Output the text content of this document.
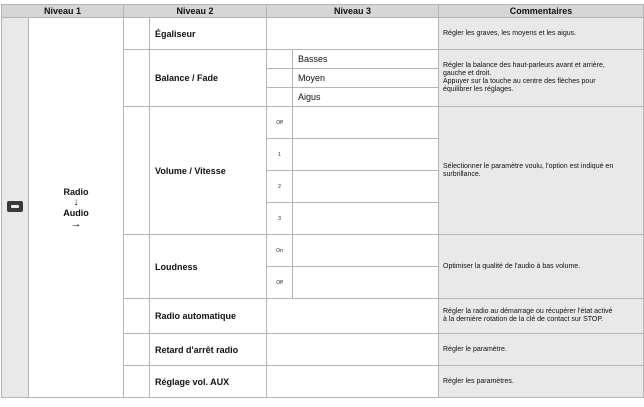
Niveau 1		Niveau 2		Niveau 3		Commentaires
	Radio
↓
Audio
→		Égaliseur			Régler les graves, les moyens et les aigus.
			Balance / Fade		Basses	Régler la balance des haut-parleurs avant et arrière,
gauche et droit.
Appuyer sur la touche au centre des flèches pour
équilibrer les réglages.

					Moyen	
					Aigus	
			Volume / Vitesse	Off		Sélectionner le paramètre voulu, l'option est indiqué en
surbrillance.

				1		
				2		
				3		
			Loudness	On		Optimiser la qualité de l'audio à bas volume.
				Off		
			Radio automatique			Régler la radio au démarrage ou récupérer l'état activé
à la dernière rotation de la clé de contact sur STOP.

			Retard d'arrêt radio			Régler le paramètre.
			Réglage vol. AUX			Régler les paramètres.
